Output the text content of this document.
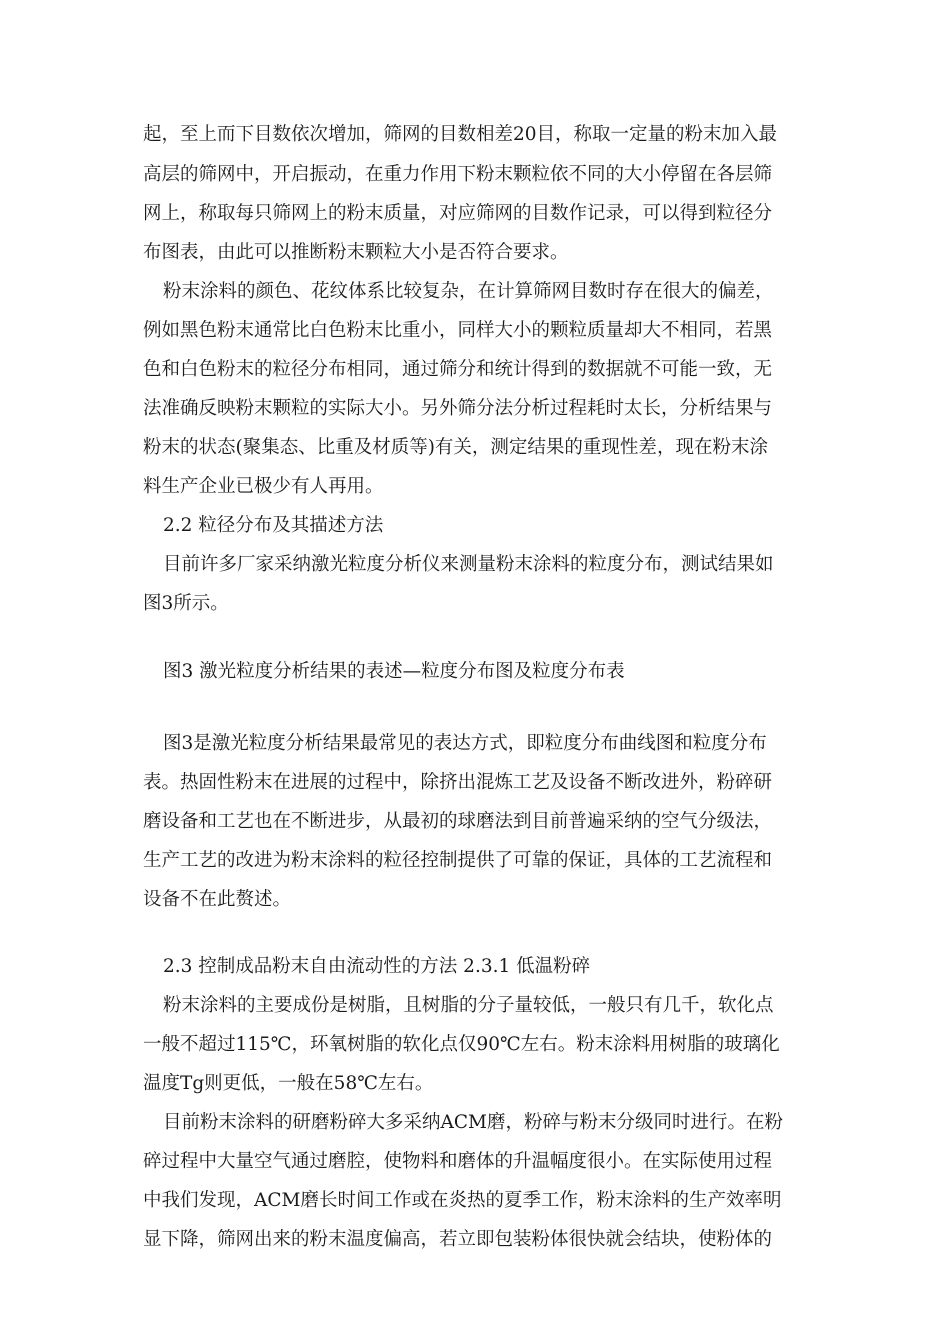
起，至上而下目数依次增加，筛网的目数相差20目，称取一定量的粉末加入最
高层的筛网中，开启振动，在重力作用下粉末颗粒依不同的大小停留在各层筛
网上，称取每只筛网上的粉末质量，对应筛网的目数作记录，可以得到粒径分
布图表，由此可以推断粉末颗粒大小是否符合要求。
粉末涂料的颜色、花纹体系比较复杂，在计算筛网目数时存在很大的偏差，
例如黑色粉末通常比白色粉末比重小，同样大小的颗粒质量却大不相同，若黑
色和白色粉末的粒径分布相同，通过筛分和统计得到的数据就不可能一致，无
法准确反映粉末颗粒的实际大小。另外筛分法分析过程耗时太长，分析结果与
粉末的状态(聚集态、比重及材质等)有关，测定结果的重现性差，现在粉末涂
料生产企业已极少有人再用。
2.2 粒径分布及其描述方法
目前许多厂家采纳激光粒度分析仪来测量粉末涂料的粒度分布，测试结果如
图3所示。
图3 激光粒度分析结果的表述—粒度分布图及粒度分布表
图3是激光粒度分析结果最常见的表达方式，即粒度分布曲线图和粒度分布
表。热固性粉末在进展的过程中，除挤出混炼工艺及设备不断改进外，粉碎研
磨设备和工艺也在不断进步，从最初的球磨法到目前普遍采纳的空气分级法，
生产工艺的改进为粉末涂料的粒径控制提供了可靠的保证，具体的工艺流程和
设备不在此赘述。
2.3 控制成品粉末自由流动性的方法 2.3.1 低温粉碎
粉末涂料的主要成份是树脂，且树脂的分子量较低，一般只有几千，软化点
一般不超过115℃，环氧树脂的软化点仅90℃左右。粉末涂料用树脂的玻璃化
温度Tg则更低，一般在58℃左右。
目前粉末涂料的研磨粉碎大多采纳ACM磨，粉碎与粉末分级同时进行。在粉
碎过程中大量空气通过磨腔，使物料和磨体的升温幅度很小。在实际使用过程
中我们发现，ACM磨长时间工作或在炎热的夏季工作，粉末涂料的生产效率明
显下降，筛网出来的粉末温度偏高，若立即包装粉体很快就会结块，使粉体的
